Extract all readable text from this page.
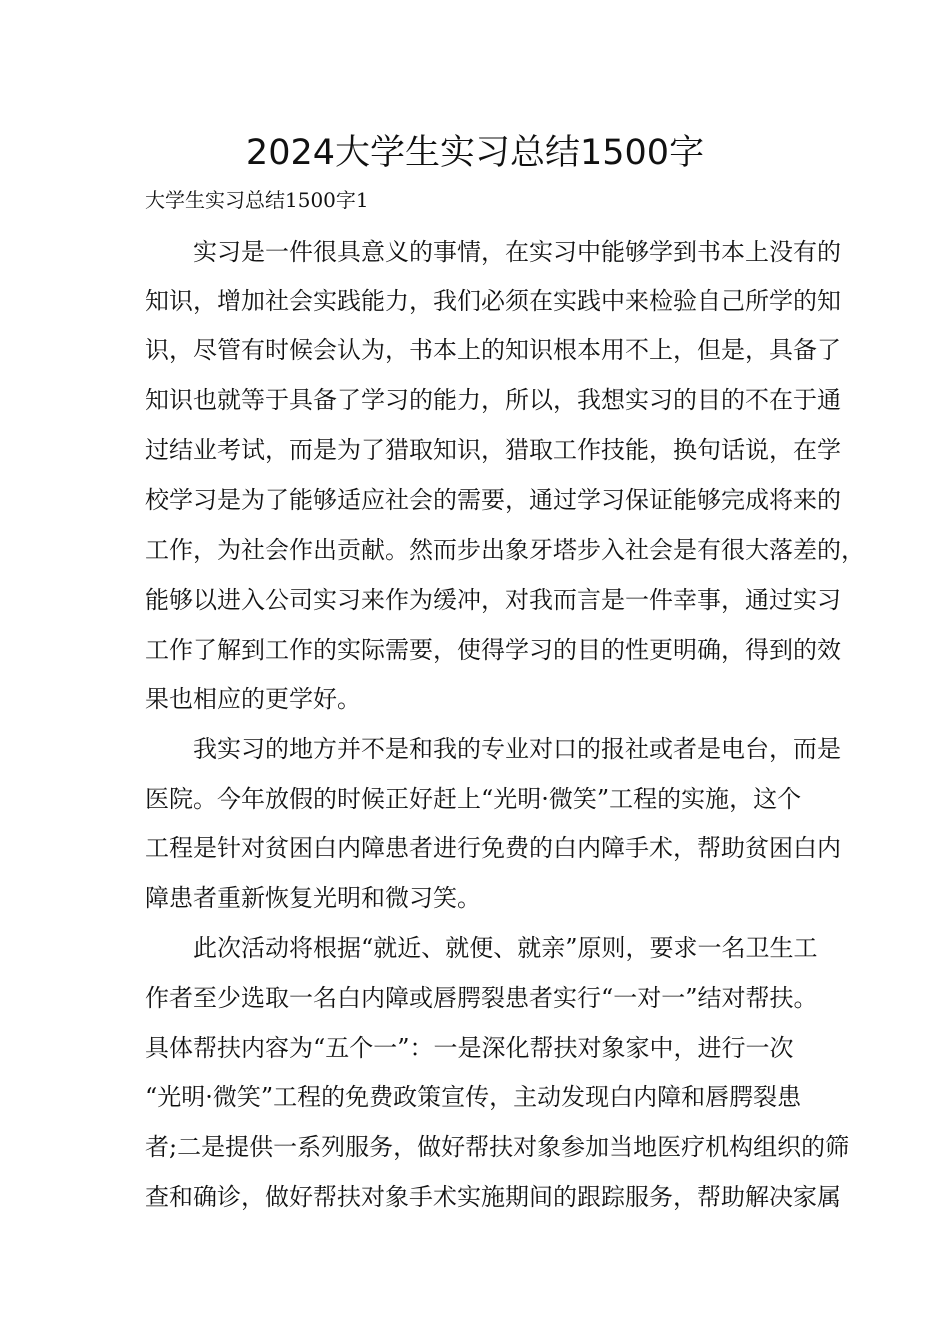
2024大学生实习总结1500字
大学生实习总结1500字1
实习是一件很具意义的事情，在实习中能够学到书本上没有的
知识，增加社会实践能力，我们必须在实践中来检验自己所学的知
识，尽管有时候会认为，书本上的知识根本用不上，但是，具备了
知识也就等于具备了学习的能力，所以，我想实习的目的不在于通
过结业考试，而是为了猎取知识，猎取工作技能，换句话说，在学
校学习是为了能够适应社会的需要，通过学习保证能够完成将来的
工作，为社会作出贡献。然而步出象牙塔步入社会是有很大落差的，
能够以进入公司实习来作为缓冲，对我而言是一件幸事，通过实习
工作了解到工作的实际需要，使得学习的目的性更明确，得到的效
果也相应的更学好。
我实习的地方并不是和我的专业对口的报社或者是电台，而是
医院。今年放假的时候正好赶上“光明·微笑”工程的实施，这个
工程是针对贫困白内障患者进行免费的白内障手术，帮助贫困白内
障患者重新恢复光明和微习笑。
此次活动将根据“就近、就便、就亲”原则，要求一名卫生工
作者至少选取一名白内障或唇腭裂患者实行“一对一”结对帮扶。
具体帮扶内容为“五个一”：一是深化帮扶对象家中，进行一次
“光明·微笑”工程的免费政策宣传，主动发现白内障和唇腭裂患
者;二是提供一系列服务，做好帮扶对象参加当地医疗机构组织的筛
查和确诊，做好帮扶对象手术实施期间的跟踪服务，帮助解决家属
